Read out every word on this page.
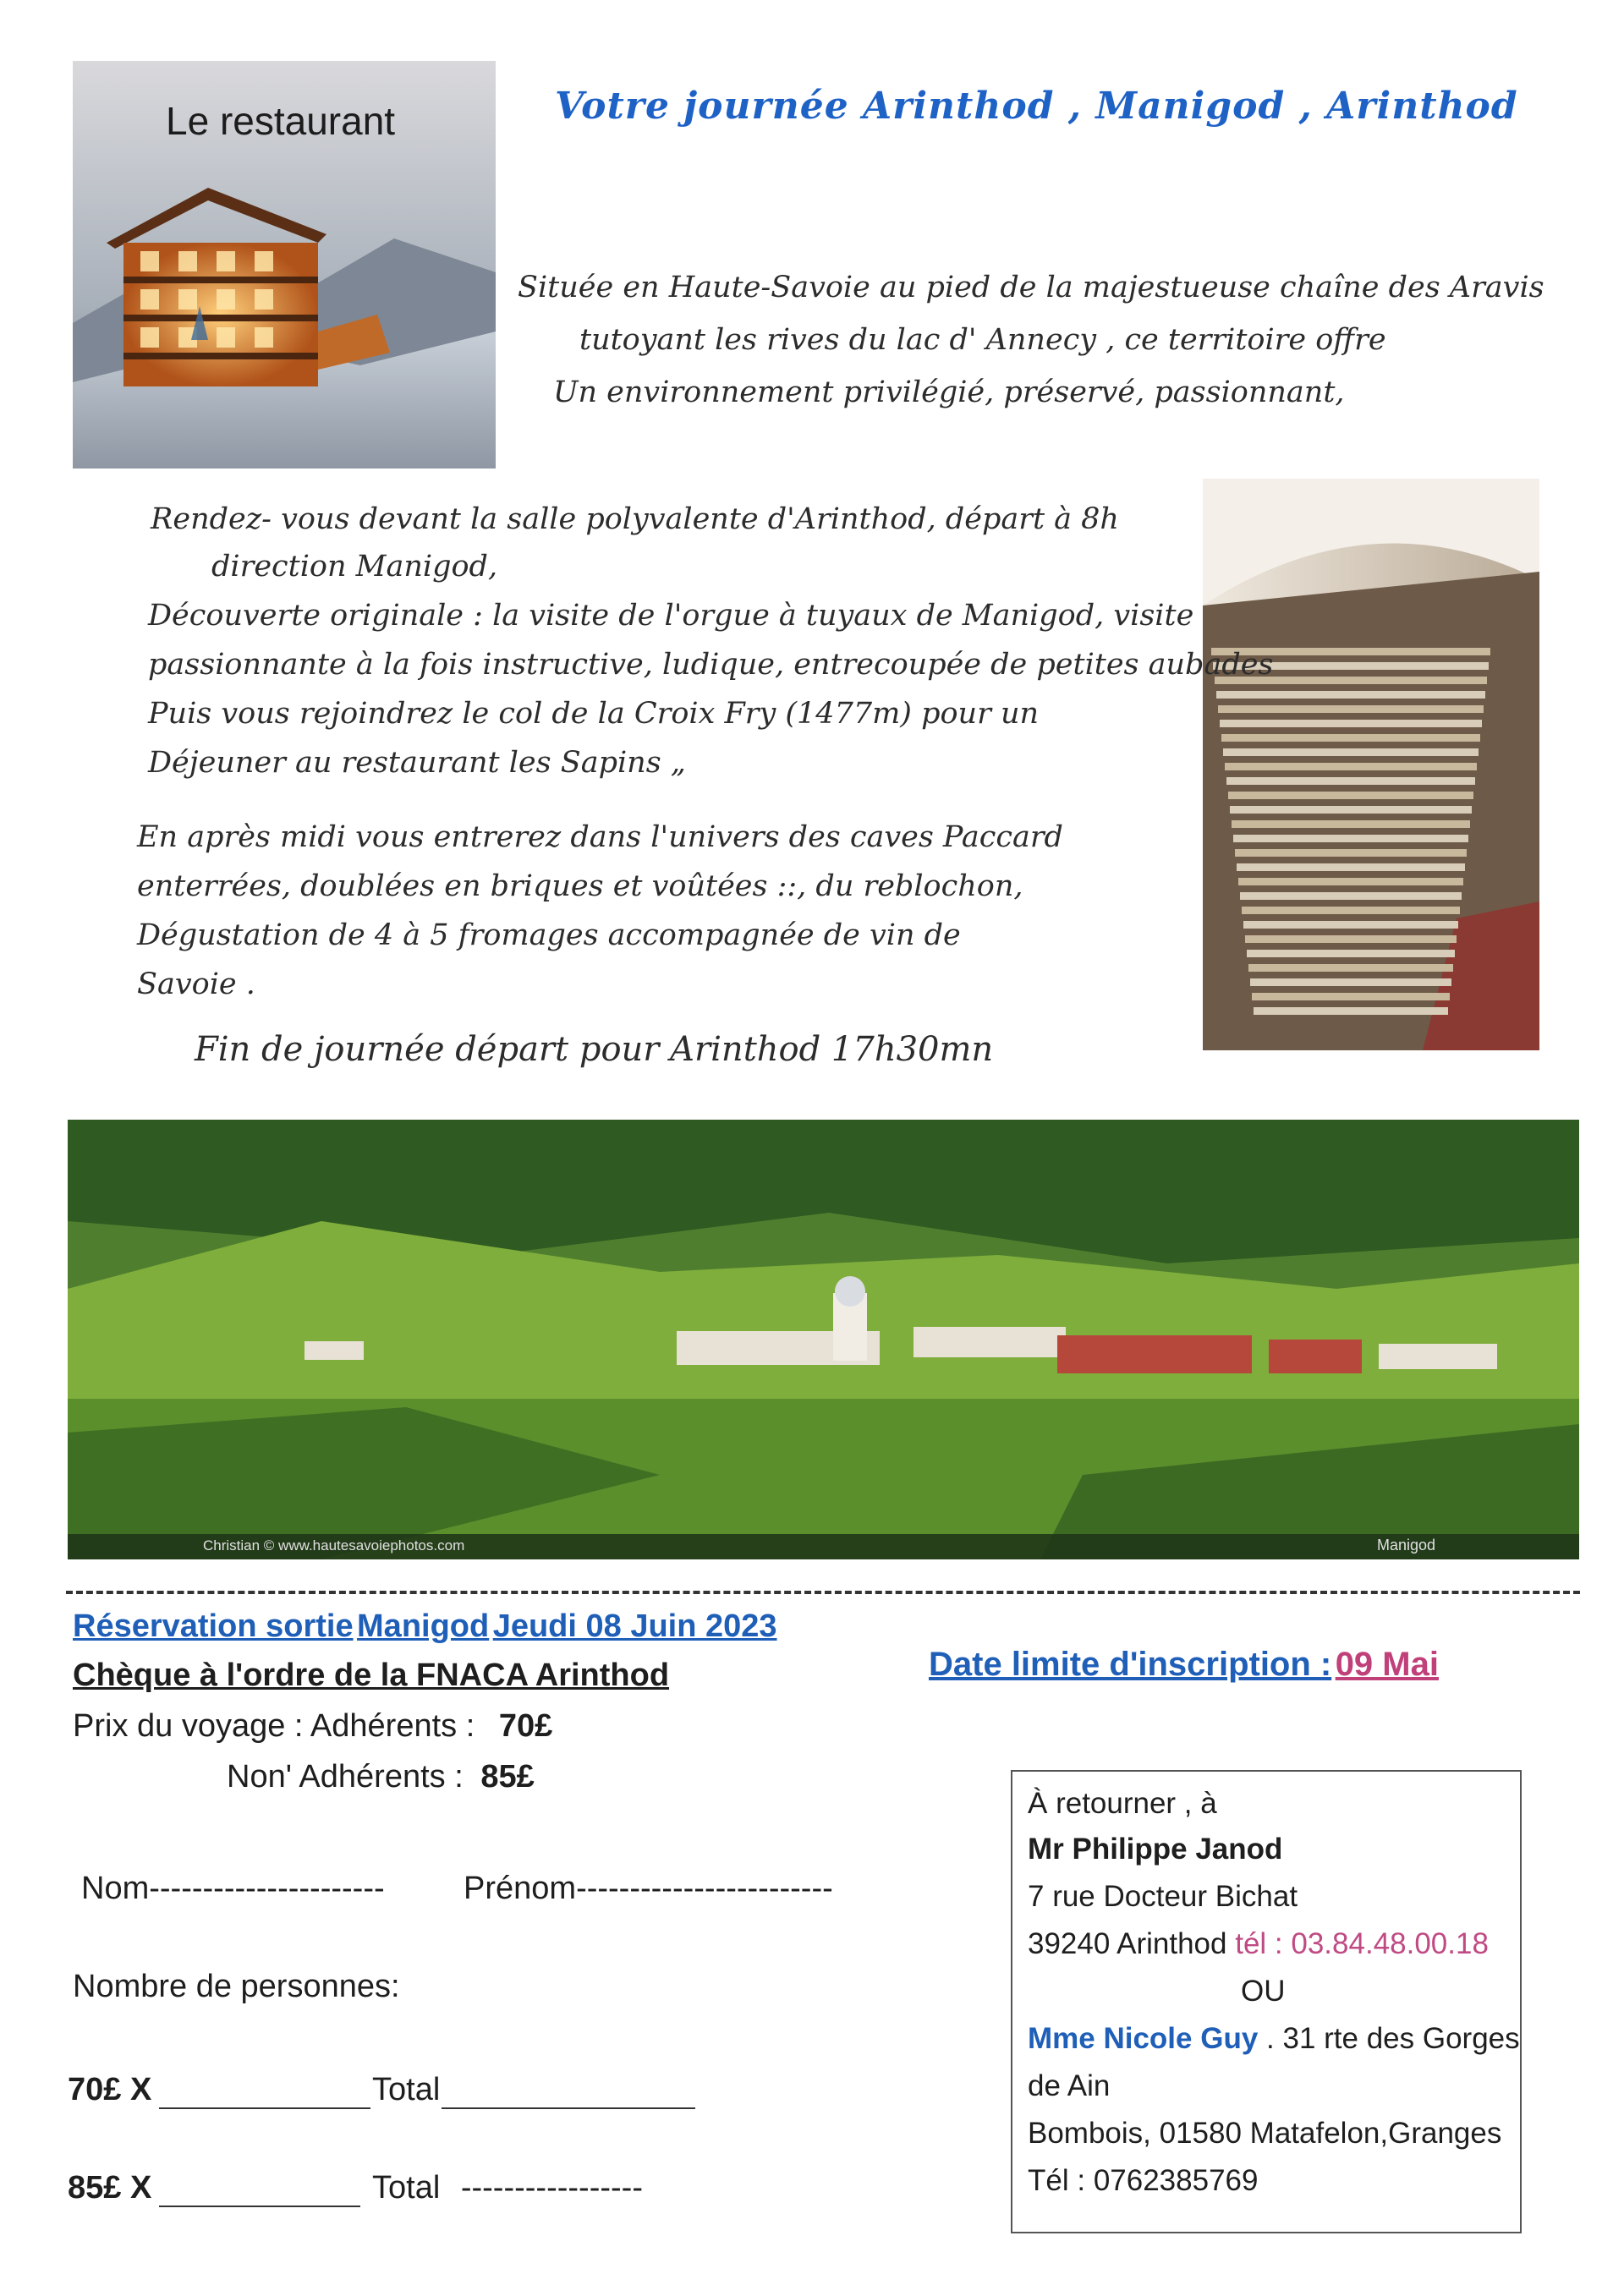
Le restaurant	Votre journée Arinthod , Manigod , Arinthod
Située en Haute-Savoie au pied de la majestueuse chaîne des Aravis
tutoyant les rives du lac d' Annecy , ce territoire offre
Un environnement privilégié, préservé, passionnant,
Rendez- vous devant la salle polyvalente d'Arinthod, départ à 8h
direction Manigod,
Découverte originale : la visite de l'orgue à tuyaux de Manigod, visite
passionnante à la fois instructive, ludique, entrecoupée de petites aubades
Puis vous rejoindrez le col de la Croix Fry (1477m) pour un
Déjeuner au restaurant les Sapins „
En après midi vous entrerez dans l'univers des caves Paccard
enterrées, doublées en briques et voûtées ::, du reblochon,
Dégustation de 4 à 5 fromages accompagnée de vin de
Savoie .
Fin de journée départ pour Arinthod 17h30mn
Christian © www.hautesavoiephotos.com	Manigod
Réservation sortie Manigod Jeudi 08 Juin 2023
Chèque à l'ordre de la FNACA Arinthod
Prix du voyage : Adhérents : 70£
Non' Adhérents : 85£
Nom---------------------- Prénom------------------------
Nombre de personnes:
70£ X	Total
85£ X	Total -----------------
Date limite d'inscription : 09 Mai
À retourner , à
Mr Philippe Janod
7 rue Docteur Bichat
39240 Arinthod tél : 03.84.48.00.18
OU
Mme Nicole Guy . 31 rte des Gorges
de Ain
Bombois, 01580 Matafelon,Granges
Tél : 0762385769
